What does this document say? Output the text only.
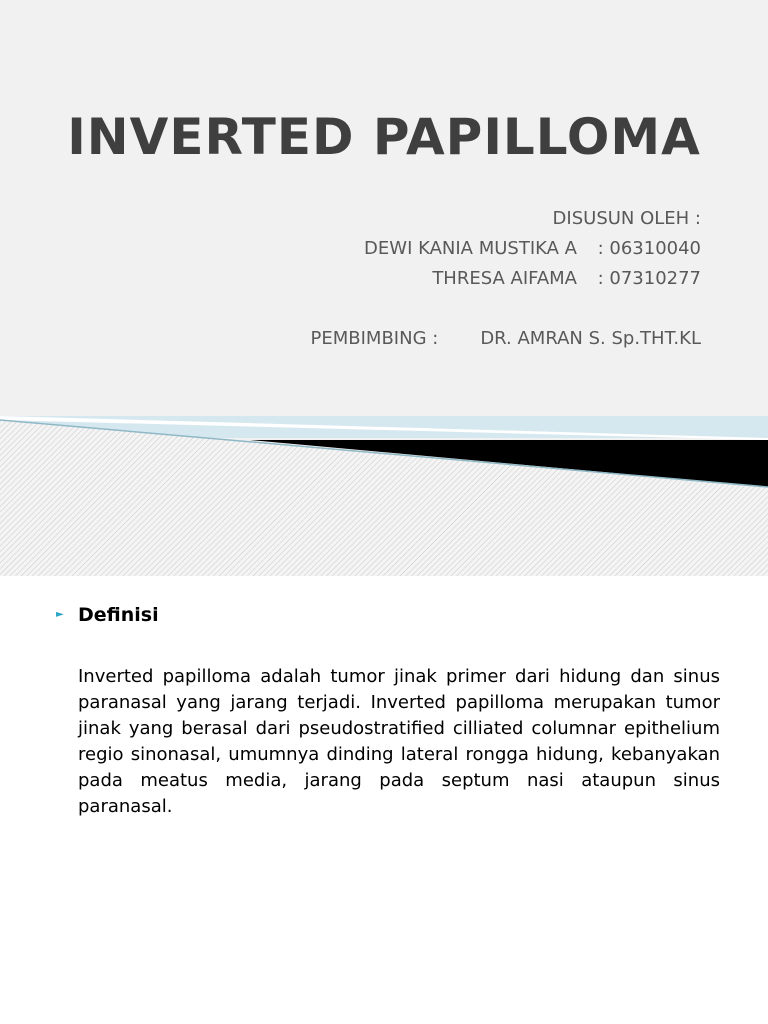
INVERTED PAPILLOMA
DISUSUN OLEH :
DEWI KANIA MUSTIKA A	: 06310040
THRESA AIFAMA	: 07310277
PEMBIMBING : DR. AMRAN S. Sp.THT.KL
► Definisi

Inverted papilloma adalah tumor jinak primer dari hidung dan sinus paranasal yang jarang terjadi. Inverted papilloma merupakan tumor jinak yang berasal dari pseudostratified cilliated columnar epithelium regio sinonasal, umumnya dinding lateral rongga hidung, kebanyakan pada meatus media, jarang pada septum nasi ataupun sinus paranasal.
